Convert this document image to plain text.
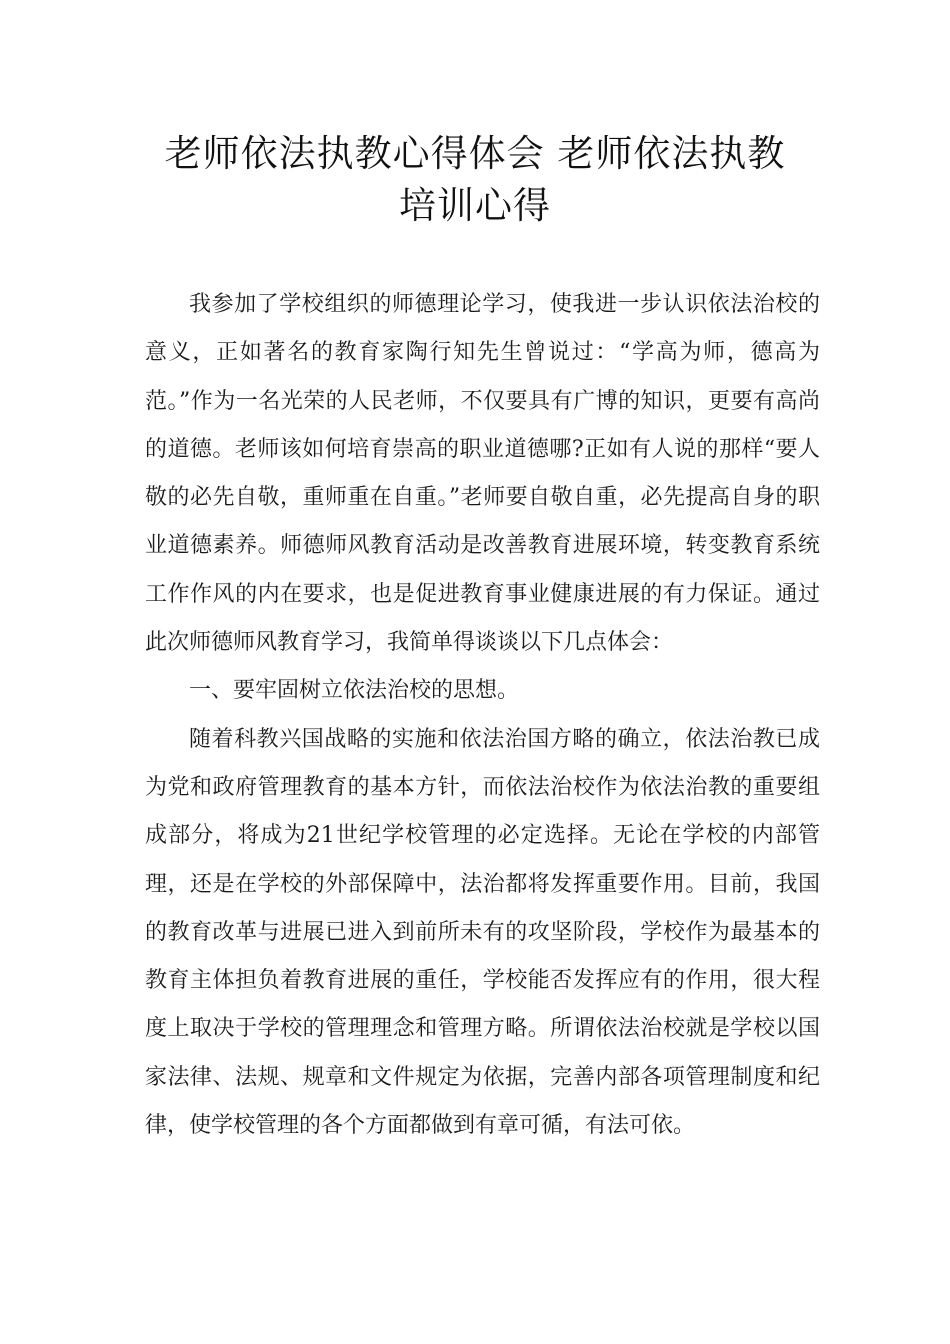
老师依法执教心得体会 老师依法执教
培训心得

我参加了学校组织的师德理论学习，使我进一步认识依法治校的意义，正如著名的教育家陶行知先生曾说过：“学高为师，德高为范。”作为一名光荣的人民老师，不仅要具有广博的知识，更要有高尚的道德。老师该如何培育崇高的职业道德哪?正如有人说的那样“要人敬的必先自敬，重师重在自重。”老师要自敬自重，必先提高自身的职业道德素养。师德师风教育活动是改善教育进展环境，转变教育系统工作作风的内在要求，也是促进教育事业健康进展的有力保证。通过此次师德师风教育学习，我简单得谈谈以下几点体会：

一、要牢固树立依法治校的思想。

随着科教兴国战略的实施和依法治国方略的确立，依法治教已成为党和政府管理教育的基本方针，而依法治校作为依法治教的重要组成部分，将成为21世纪学校管理的必定选择。无论在学校的内部管理，还是在学校的外部保障中，法治都将发挥重要作用。目前，我国的教育改革与进展已进入到前所未有的攻坚阶段，学校作为最基本的教育主体担负着教育进展的重任，学校能否发挥应有的作用，很大程度上取决于学校的管理理念和管理方略。所谓依法治校就是学校以国家法律、法规、规章和文件规定为依据，完善内部各项管理制度和纪律，使学校管理的各个方面都做到有章可循，有法可依。
